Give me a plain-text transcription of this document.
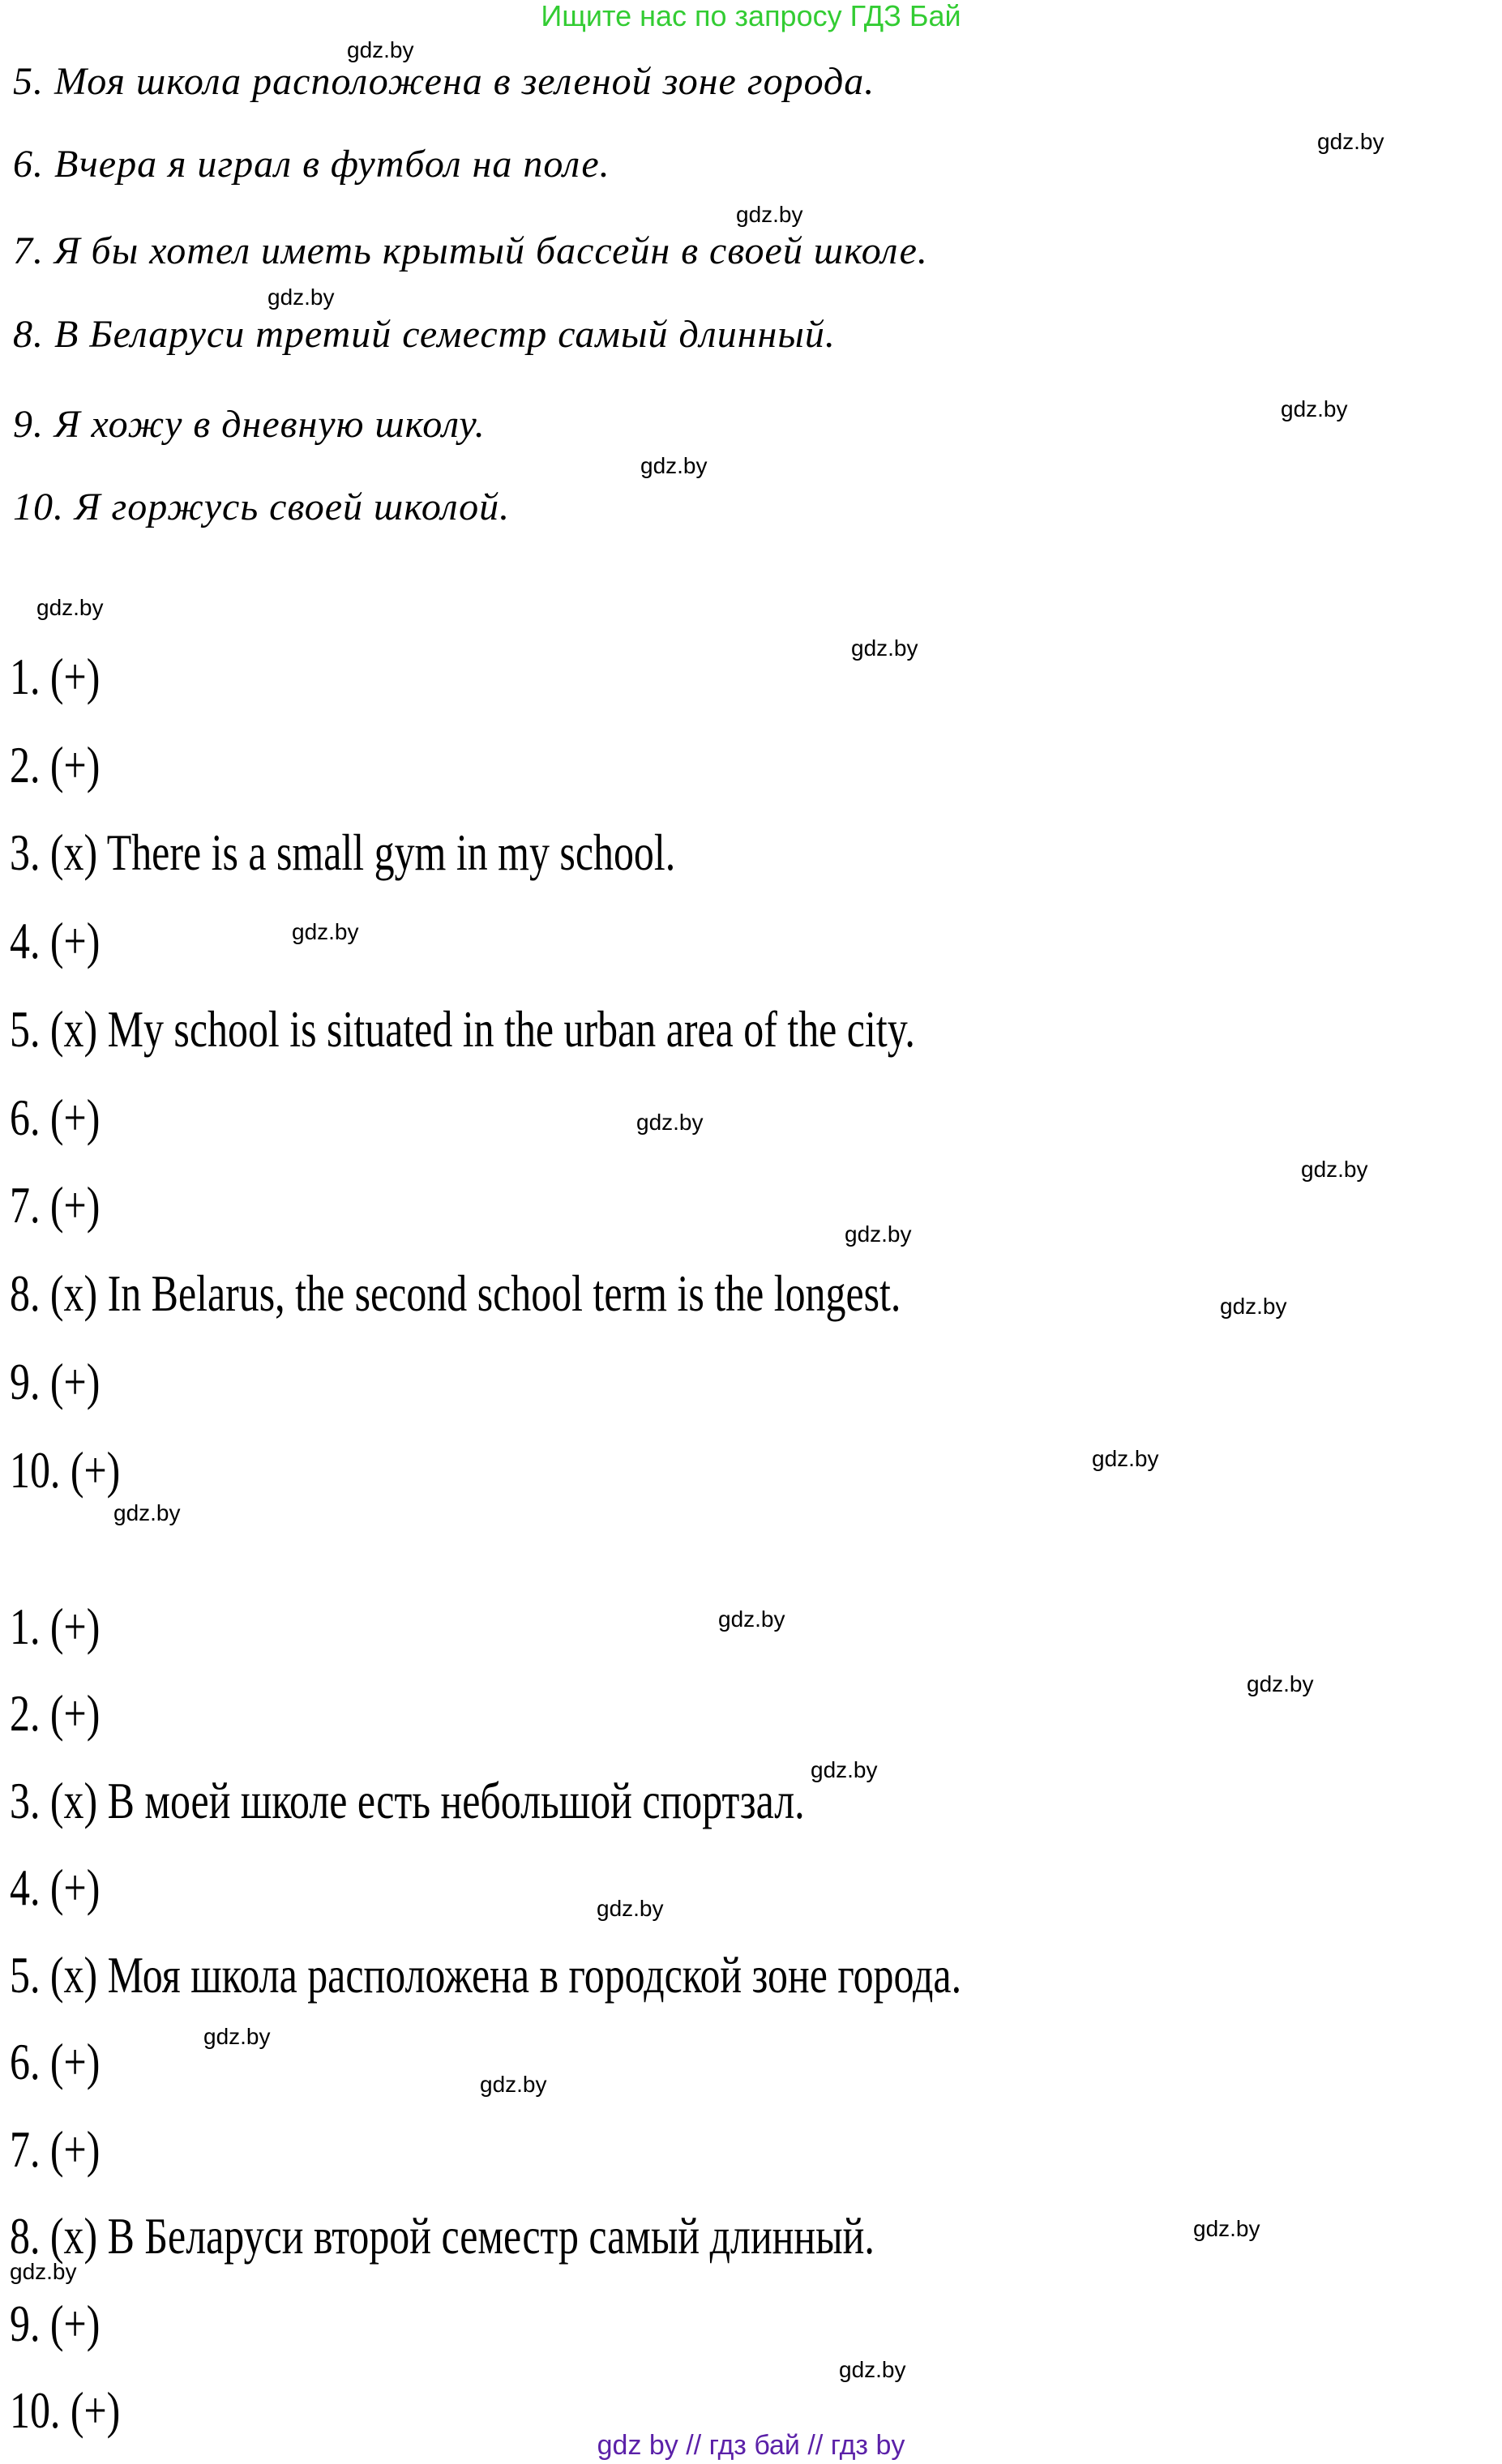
Ищите нас по запросу ГДЗ Бай
5. Моя школа расположена в зеленой зоне города.
6. Вчера я играл в футбол на поле.
7. Я бы хотел иметь крытый бассейн в своей школе.
8. В Беларуси третий семестр самый длинный.
9. Я хожу в дневную школу.
10. Я горжусь своей школой.
1. (+)
2. (+)
3. (x) There is a small gym in my school.
4. (+)
5. (x) My school is situated in the urban area of the city.
6. (+)
7. (+)
8. (x) In Belarus, the second school term is the longest.
9. (+)
10. (+)
1. (+)
2. (+)
3. (x) В моей школе есть небольшой спортзал.
4. (+)
5. (x) Моя школа расположена в городской зоне города.
6. (+)
7. (+)
8. (x) В Беларуси второй семестр самый длинный.
9. (+)
10. (+)
gdz.by
gdz.by
gdz.by
gdz.by
gdz.by
gdz.by
gdz.by
gdz.by
gdz.by
gdz.by
gdz.by
gdz.by
gdz.by
gdz.by
gdz.by
gdz.by
gdz.by
gdz.by
gdz.by
gdz.by
gdz.by
gdz.by
gdz.by
gdz.by
gdz by // гдз бай // гдз by
